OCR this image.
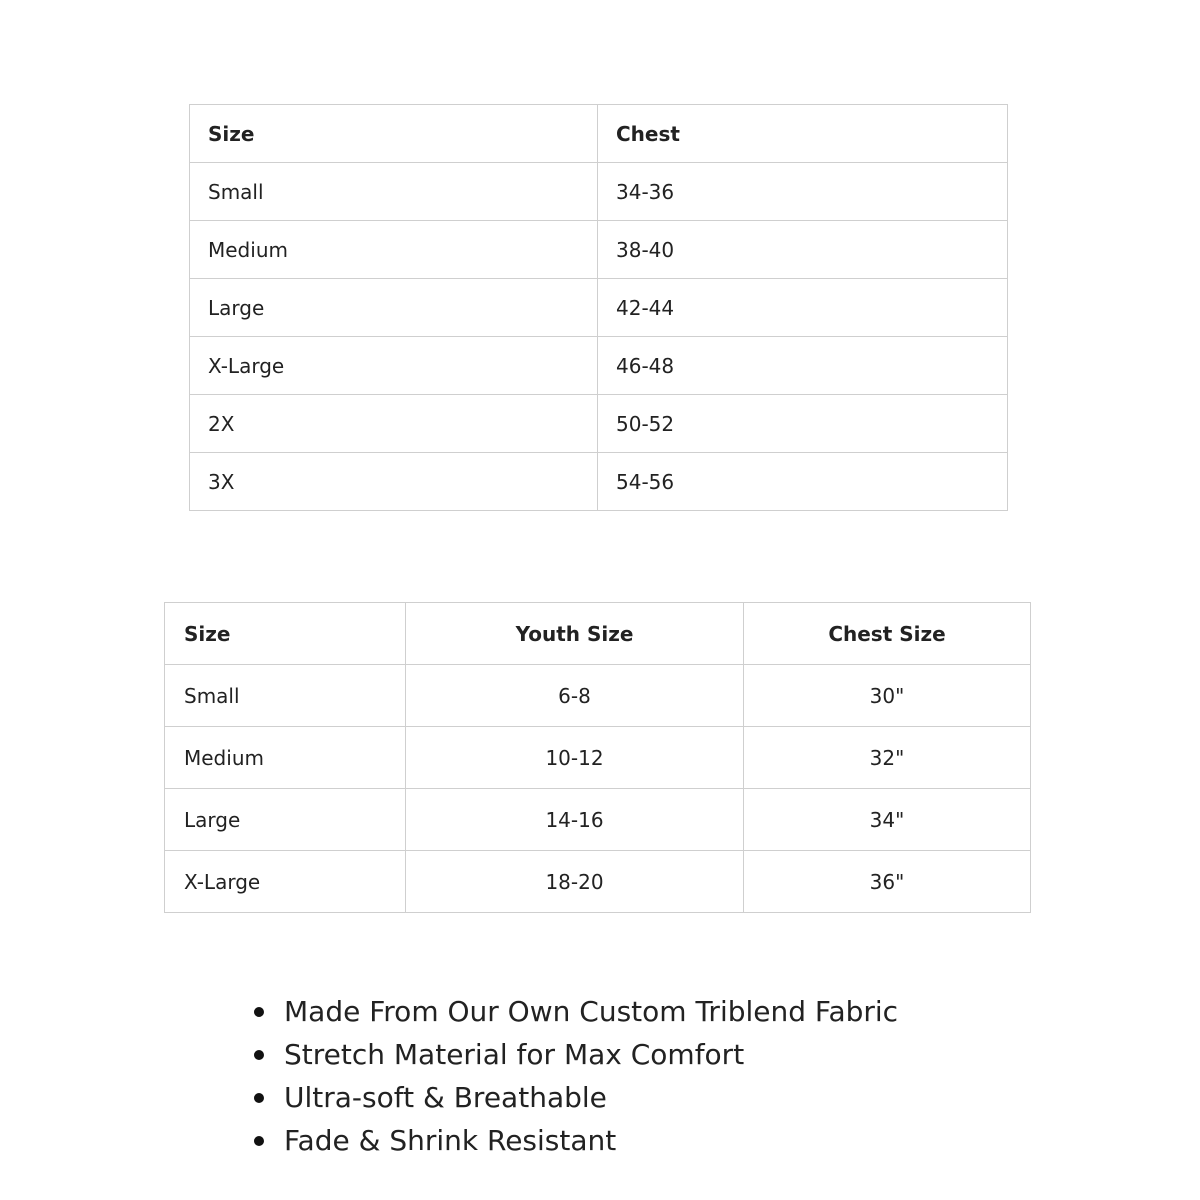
Size	Chest
Small	34-36
Medium	38-40
Large	42-44
X-Large	46-48
2X	50-52
3X	54-56
Size	Youth Size	Chest Size
Small	6-8	30"
Medium	10-12	32"
Large	14-16	34"
X-Large	18-20	36"
Made From Our Own Custom Triblend Fabric
Stretch Material for Max Comfort
Ultra-soft & Breathable
Fade & Shrink Resistant
